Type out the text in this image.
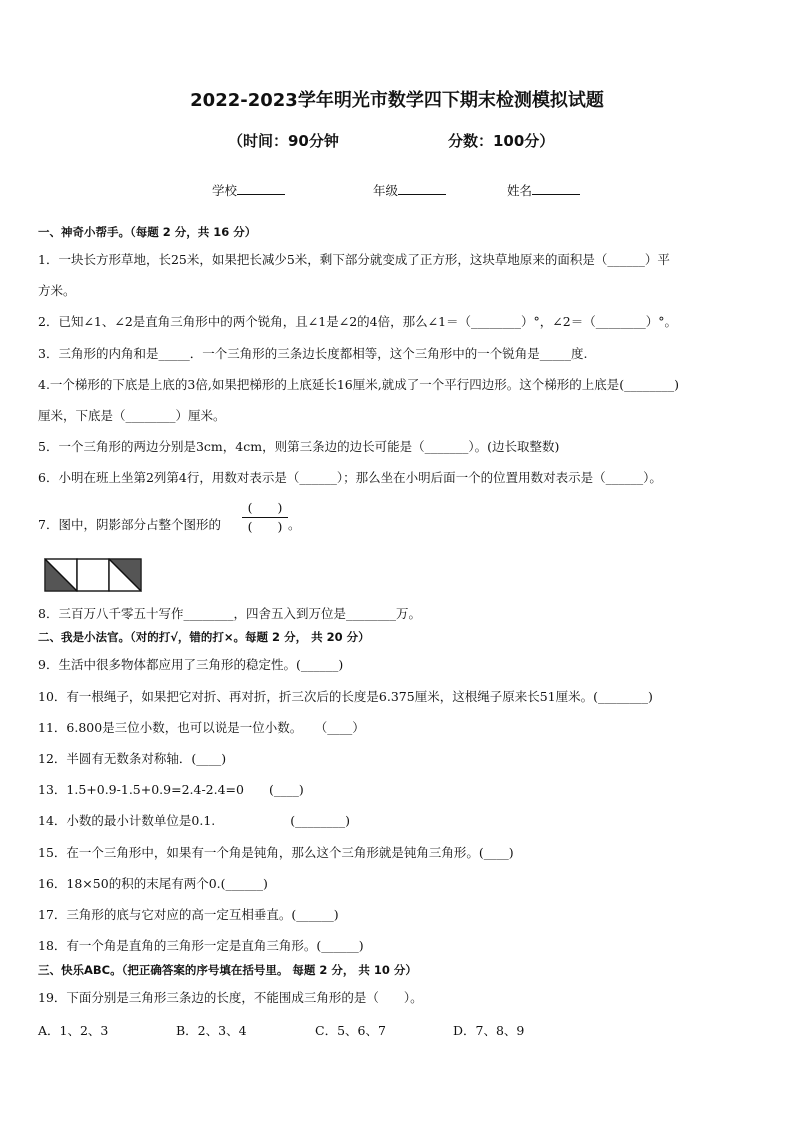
2022-2023学年明光市数学四下期末检测模拟试题
（时间：90分钟	分数：100分）
学校	年级	姓名
一、神奇小帮手。（每题 2 分，共 16 分）
1．一块长方形草地，长25米，如果把长减少5米，剩下部分就变成了正方形，这块草地原来的面积是（______）平
方米。
2．已知∠1、∠2是直角三角形中的两个锐角，且∠1是∠2的4倍，那么∠1＝（________）°，∠2＝（________）°。
3．三角形的内角和是_____．一个三角形的三条边长度都相等，这个三角形中的一个锐角是_____度.
4.一个梯形的下底是上底的3倍,如果把梯形的上底延长16厘米,就成了一个平行四边形。这个梯形的上底是(________)
厘米，下底是（________）厘米。
5．一个三角形的两边分别是3cm，4cm，则第三条边的边长可能是（_______）。(边长取整数)
6．小明在班上坐第2列第4行，用数对表示是（______）；那么坐在小明后面一个的位置用数对表示是（______）。
7．图中，阴影部分占整个图形的
(　　)
(　　) 。
8．三百万八千零五十写作________，四舍五入到万位是________万。
二、我是小法官。（对的打√，错的打×。每题 2 分， 共 20 分）
9．生活中很多物体都应用了三角形的稳定性。(______)
10．有一根绳子，如果把它对折、再对折，折三次后的长度是6.375厘米，这根绳子原来长51厘米。(________)
11．6.800是三位小数，也可以说是一位小数。　　（____）
12．半圆有无数条对称轴．(____)
13．1.5+0.9-1.5+0.9=2.4-2.4=0　　(____)
14．小数的最小计数单位是0.1.　　　　　　(________)
15．在一个三角形中，如果有一个角是钝角，那么这个三角形就是钝角三角形。(____)
16．18×50的积的末尾有两个0.(______)
17．三角形的底与它对应的高一定互相垂直。(______)
18．有一个角是直角的三角形一定是直角三角形。(______)
三、快乐ABC。（把正确答案的序号填在括号里。 每题 2 分， 共 10 分）
19．下面分别是三角形三条边的长度，不能围成三角形的是（　　）。
A．1、2、3	B．2、3、4	C．5、6、7	D．7、8、9
